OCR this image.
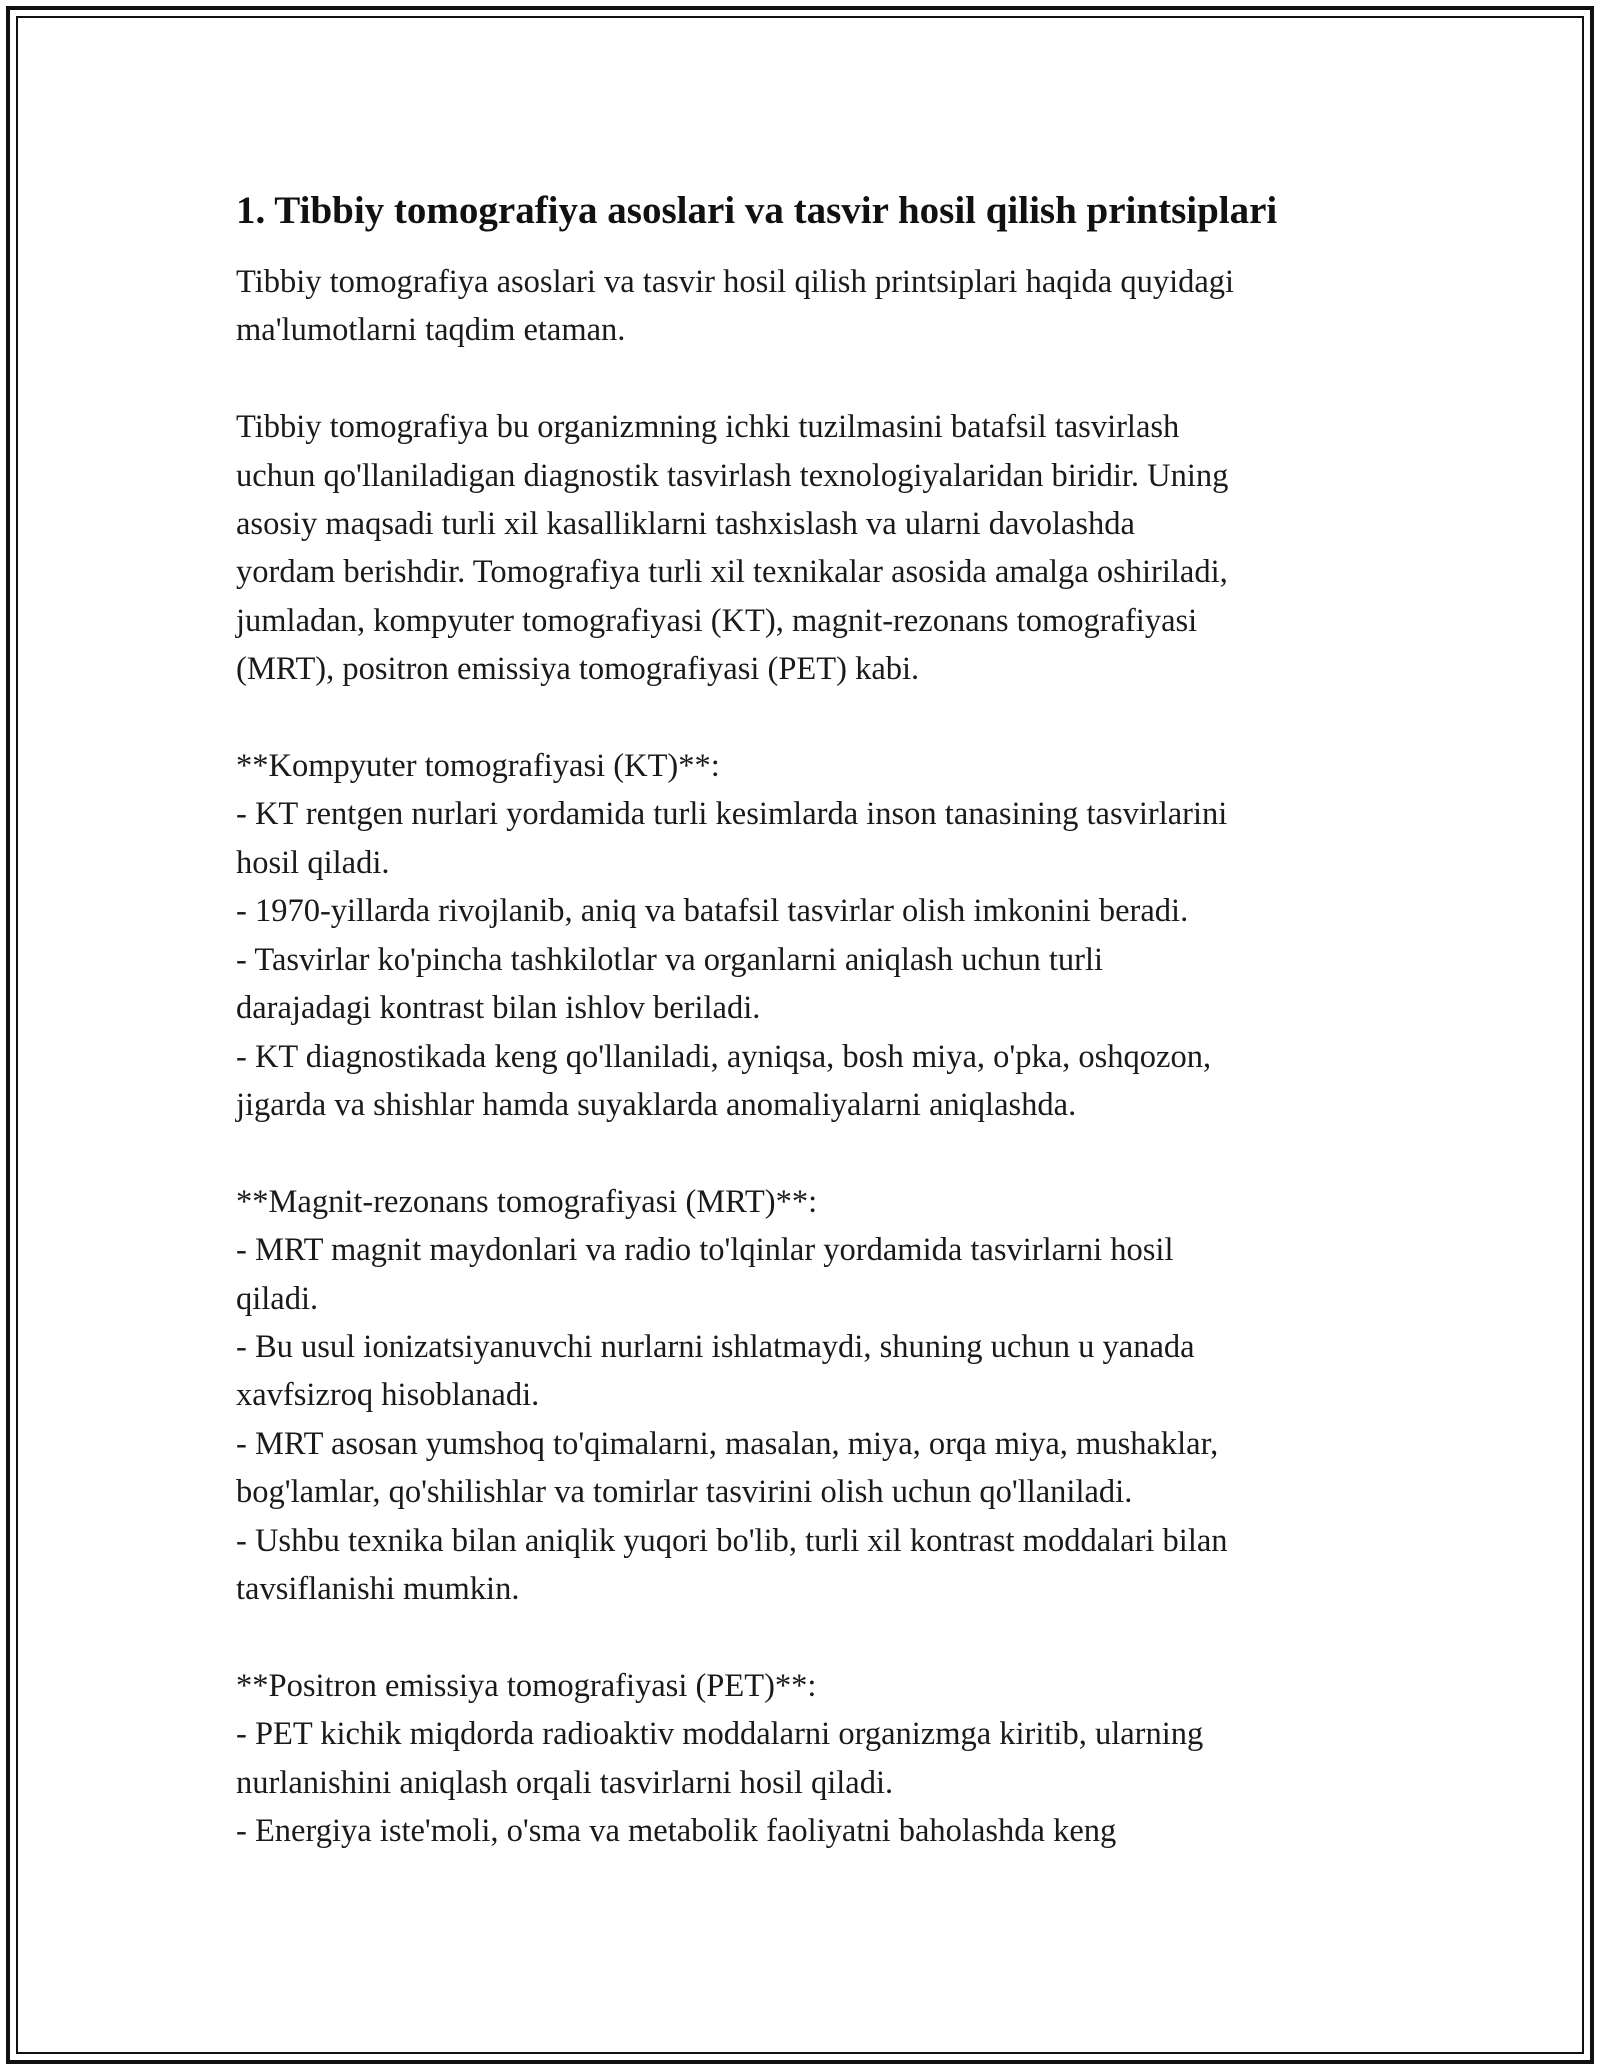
1. Tibbiy tomografiya asoslari va tasvir hosil qilish printsiplari

Tibbiy tomografiya asoslari va tasvir hosil qilish printsiplari haqida quyidagi
ma'lumotlarni taqdim etaman.

Tibbiy tomografiya bu organizmning ichki tuzilmasini batafsil tasvirlash
uchun qo'llaniladigan diagnostik tasvirlash texnologiyalaridan biridir. Uning
asosiy maqsadi turli xil kasalliklarni tashxislash va ularni davolashda
yordam berishdir. Tomografiya turli xil texnikalar asosida amalga oshiriladi,
jumladan, kompyuter tomografiyasi (KT), magnit-rezonans tomografiyasi
(MRT), positron emissiya tomografiyasi (PET) kabi.

**Kompyuter tomografiyasi (KT)**:
- KT rentgen nurlari yordamida turli kesimlarda inson tanasining tasvirlarini
hosil qiladi.
- 1970-yillarda rivojlanib, aniq va batafsil tasvirlar olish imkonini beradi.
- Tasvirlar ko'pincha tashkilotlar va organlarni aniqlash uchun turli
darajadagi kontrast bilan ishlov beriladi.
- KT diagnostikada keng qo'llaniladi, ayniqsa, bosh miya, o'pka, oshqozon,
jigarda va shishlar hamda suyaklarda anomaliyalarni aniqlashda.

**Magnit-rezonans tomografiyasi (MRT)**:
- MRT magnit maydonlari va radio to'lqinlar yordamida tasvirlarni hosil
qiladi.
- Bu usul ionizatsiyanuvchi nurlarni ishlatmaydi, shuning uchun u yanada
xavfsizroq hisoblanadi.
- MRT asosan yumshoq to'qimalarni, masalan, miya, orqa miya, mushaklar,
bog'lamlar, qo'shilishlar va tomirlar tasvirini olish uchun qo'llaniladi.
- Ushbu texnika bilan aniqlik yuqori bo'lib, turli xil kontrast moddalari bilan
tavsiflanishi mumkin.

**Positron emissiya tomografiyasi (PET)**:
- PET kichik miqdorda radioaktiv moddalarni organizmga kiritib, ularning
nurlanishini aniqlash orqali tasvirlarni hosil qiladi.
- Energiya iste'moli, o'sma va metabolik faoliyatni baholashda keng
